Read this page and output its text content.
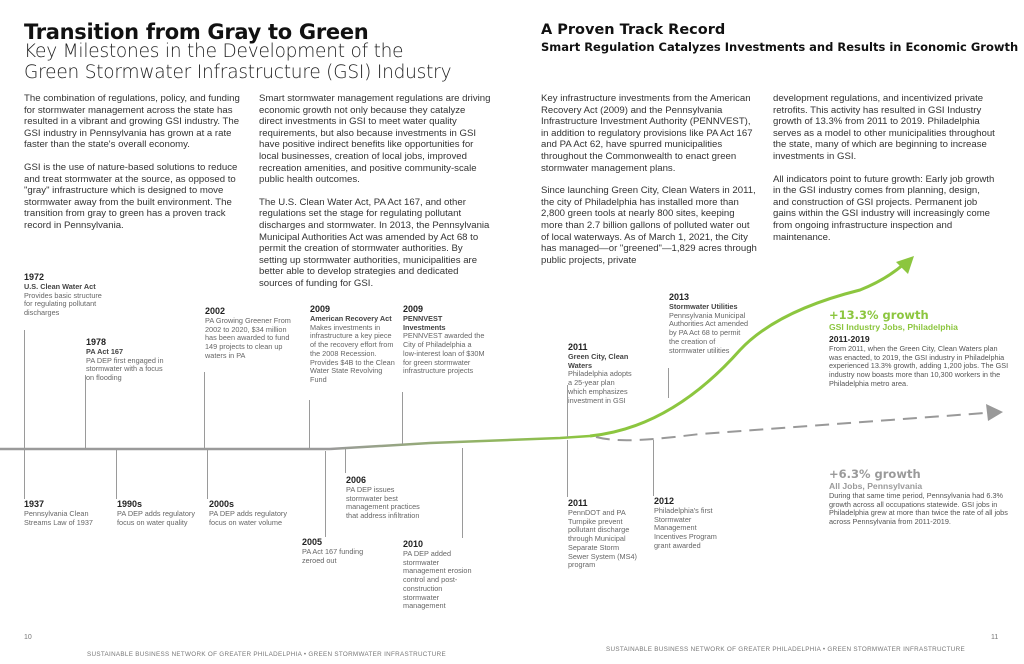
Transition from Gray to Green
Key Milestones in the Development of the
Green Stormwater Infrastructure (GSI) Industry

The combination of regulations, policy, and funding for stormwater management across the state has resulted in a vibrant and growing GSI industry. The GSI industry in Pennsylvania has grown at a rate faster than the state's overall economy.

GSI is the use of nature-based solutions to reduce and treat stormwater at the source, as opposed to "gray" infrastructure which is designed to move stormwater away from the built environment. The transition from gray to green has a proven track record in Pennsylvania.

Smart stormwater management regulations are driving economic growth not only because they catalyze direct investments in GSI to meet water quality requirements, but also because investments in GSI have positive indirect benefits like opportunities for local businesses, creation of local jobs, improved recreation amenities, and positive community-scale public health outcomes.

The U.S. Clean Water Act, PA Act 167, and other regulations set the stage for regulating pollutant discharges and stormwater. In 2013, the Pennsylvania Municipal Authorities Act was amended by Act 68 to permit the creation of stormwater authorities. By setting up stormwater authorities, municipalities are better able to develop strategies and dedicated sources of funding for GSI.

A Proven Track Record
Smart Regulation Catalyzes Investments and Results in Economic Growth

Key infrastructure investments from the American Recovery Act (2009) and the Pennsylvania Infrastructure Investment Authority (PENNVEST), in addition to regulatory provisions like PA Act 167 and PA Act 62, have spurred municipalities throughout the Commonwealth to enact green stormwater management plans.

Since launching Green City, Clean Waters in 2011, the city of Philadelphia has installed more than 2,800 green tools at nearly 800 sites, keeping more than 2.7 billion gallons of polluted water out of local waterways. As of March 1, 2021, the City has managed—or "greened"—1,829 acres through public projects, private

development regulations, and incentivized private retrofits. This activity has resulted in GSI Industry growth of 13.3% from 2011 to 2019. Philadelphia serves as a model to other municipalities throughout the state, many of which are beginning to increase investments in GSI.

All indicators point to future growth: Early job growth in the GSI industry comes from planning, design, and construction of GSI projects. Permanent job gains within the GSI industry will increasingly come from ongoing infrastructure inspection and maintenance.

1972
U.S. Clean Water Act
Provides basic structure for regulating pollutant discharges
1978
PA Act 167
PA DEP first engaged in stormwater with a focus on flooding
2002
PA Growing Greener From 2002 to 2020, $34 million has been awarded to fund 149 projects to clean up waters in PA
2009
American Recovery Act
Makes investments in infrastructure a key piece of the recovery effort from the 2008 Recession. Provides $4B to the Clean Water State Revolving Fund
2009
PENNVEST Investments
PENNVEST awarded the City of Philadelphia a low-interest loan of $30M for green stormwater infrastructure projects
2011
Green City, Clean Waters
Philadelphia adopts a 25-year plan which emphasizes investment in GSI
2013
Stormwater Utilities
Pennsylvania Municipal Authorities Act amended by PA Act 68 to permit the creation of stormwater utilities
1937
Pennsylvania Clean Streams Law of 1937
1990s
PA DEP adds regulatory focus on water quality
2000s
PA DEP adds regulatory focus on water volume
2005
PA Act 167 funding zeroed out
2006
PA DEP issues stormwater best management practices that address infiltration
2010
PA DEP added stormwater management erosion control and post-construction stormwater management
2011
PennDOT and PA Turnpike prevent pollutant discharge through Municipal Separate Storm Sewer System (MS4) program
2012
Philadelphia's first Stormwater Management Incentives Program grant awarded
+13.3% growth
GSI Industry Jobs, Philadelphia
2011-2019
From 2011, when the Green City, Clean Waters plan was enacted, to 2019, the GSI industry in Philadelphia experienced 13.3% growth, adding 1,200 jobs. The GSI industry now boasts more than 10,300 workers in the Philadelphia metro area.
+6.3% growth
All Jobs, Pennsylvania
During that same time period, Pennsylvania had 6.3% growth across all occupations statewide. GSI jobs in Philadelphia grew at more than twice the rate of all jobs across Pennsylvania from 2011-2019.
10	11
SUSTAINABLE BUSINESS NETWORK OF GREATER PHILADELPHIA • GREEN STORMWATER INFRASTRUCTURE
SUSTAINABLE BUSINESS NETWORK OF GREATER PHILADELPHIA • GREEN STORMWATER INFRASTRUCTURE
